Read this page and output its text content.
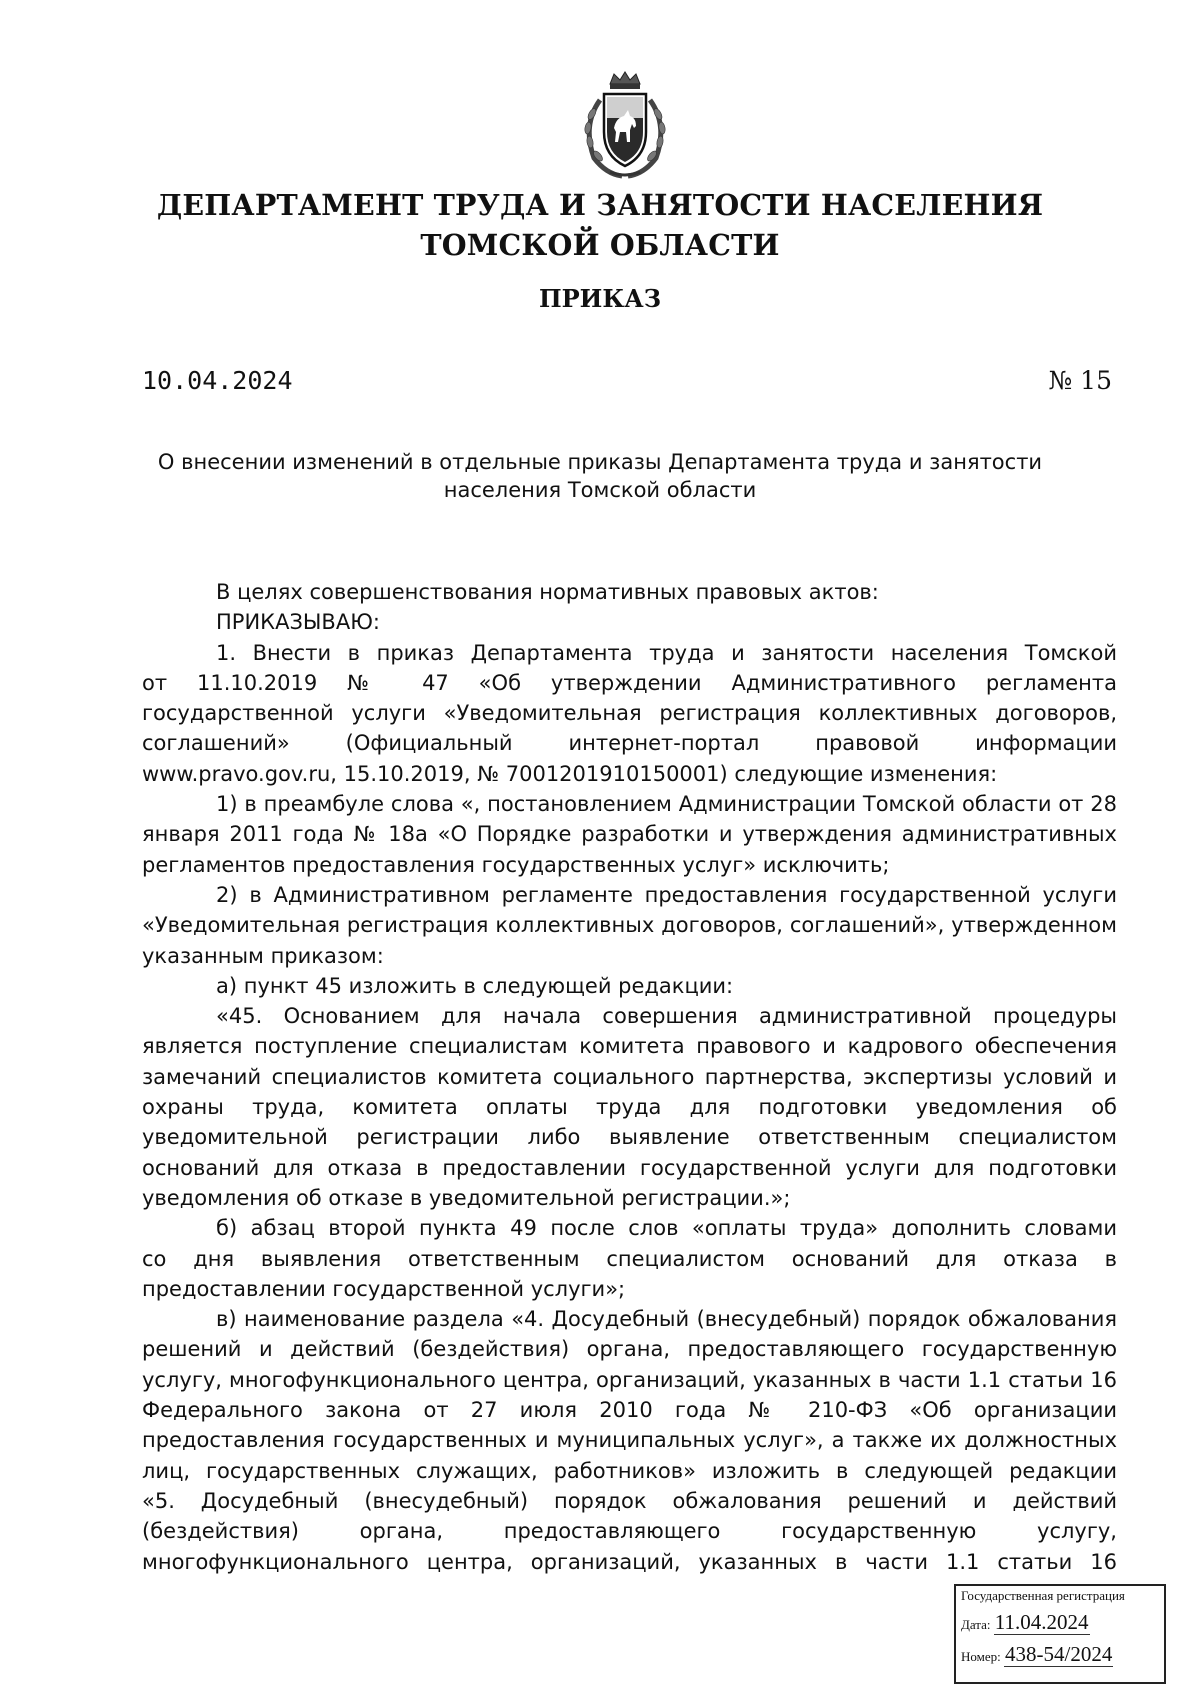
ДЕПАРТАМЕНТ ТРУДА И ЗАНЯТОСТИ НАСЕЛЕНИЯ
ТОМСКОЙ ОБЛАСТИ
ПРИКАЗ
10.04.2024	№ 15
О внесении изменений в отдельные приказы Департамента труда и занятости
населения Томской области
В целях совершенствования нормативных правовых актов:
ПРИКАЗЫВАЮ:
1. Внести в приказ Департамента труда и занятости населения Томской
от 11.10.2019 № 47 «Об утверждении Административного регламента
государственной услуги «Уведомительная регистрация коллективных договоров,
соглашений» (Официальный интернет-портал правовой информации
www.pravo.gov.ru, 15.10.2019, № 7001201910150001) следующие изменения:
1) в преамбуле слова «, постановлением Администрации Томской области от 28
января 2011 года № 18а «О Порядке разработки и утверждения административных
регламентов предоставления государственных услуг» исключить;
2) в Административном регламенте предоставления государственной услуги
«Уведомительная регистрация коллективных договоров, соглашений», утвержденном
указанным приказом:
а) пункт 45 изложить в следующей редакции:
«45. Основанием для начала совершения административной процедуры
является поступление специалистам комитета правового и кадрового обеспечения
замечаний специалистов комитета социального партнерства, экспертизы условий и
охраны труда, комитета оплаты труда для подготовки уведомления об
уведомительной регистрации либо выявление ответственным специалистом
оснований для отказа в предоставлении государственной услуги для подготовки
уведомления об отказе в уведомительной регистрации.»;
б) абзац второй пункта 49 после слов «оплаты труда» дополнить словами
со дня выявления ответственным специалистом оснований для отказа в
предоставлении государственной услуги»;
в) наименование раздела «4. Досудебный (внесудебный) порядок обжалования
решений и действий (бездействия) органа, предоставляющего государственную
услугу, многофункционального центра, организаций, указанных в части 1.1 статьи 16
Федерального закона от 27 июля 2010 года № 210-ФЗ «Об организации
предоставления государственных и муниципальных услуг», а также их должностных
лиц, государственных служащих, работников» изложить в следующей редакции
«5. Досудебный (внесудебный) порядок обжалования решений и действий
(бездействия) органа, предоставляющего государственную услугу,
многофункционального центра, организаций, указанных в части 1.1 статьи 16
Государственная регистрация
Дата: 11.04.2024
Номер: 438-54/2024
